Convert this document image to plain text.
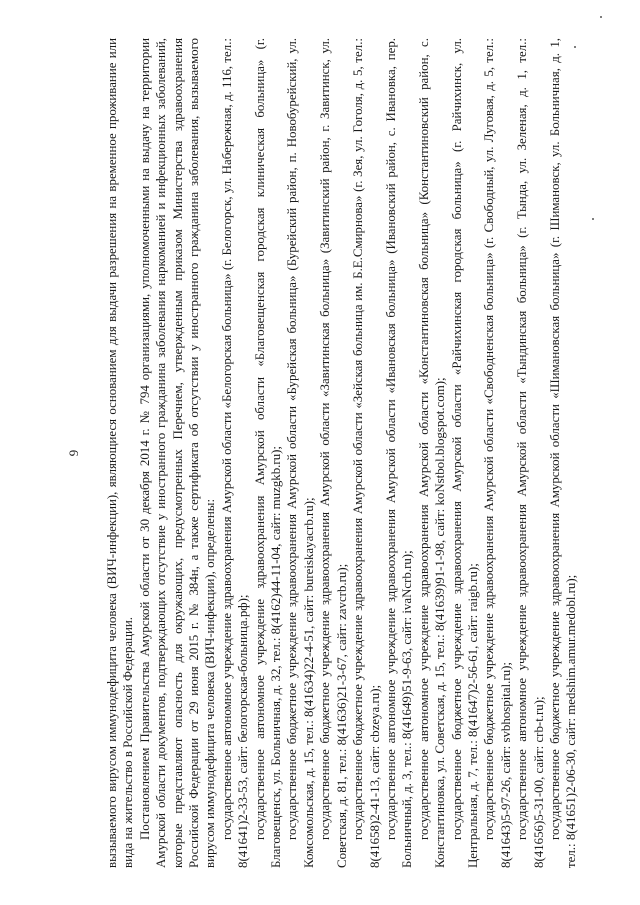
9 вызываемого вирусом иммунодефицита человека (ВИЧ-инфекции), являющиеся основанием для выдачи разрешения на временное проживание или вида на жительство в Российской Федерации. Постановлением Правительства Амурской области от 30 декабря 2014 г. № 794 организациями, уполномоченными на выдачу на территории Амурской области документов, подтверждающих отсутствие у иностранного гражданина заболевания наркоманией и инфекционных заболеваний, которые представляют опасность для окружающих, предусмотренных Перечнем, утвержденным приказом Министерства здравоохранения Российской Федерации от 29 июня 2015 г. № 384н, а также сертификата об отсутствии у иностранного гражданина заболевания, вызываемого вирусом иммунодефицита человека (ВИЧ-инфекции), определены: государственное автономное учреждение здравоохранения Амурской области «Белогорская больница» (г. Белогорск, ул. Набережная, д. 116, тел.: 8(41641)2-33-53, сайт: белогорская-больница.рф); государственное автономное учреждение здравоохранения Амурской области «Благовещенская городская клиническая больница» (г. Благовещенск, ул. Больничная, д. 32, тел.: 8(4162)44-11-04, сайт: muzgkb.ru); государственное бюджетное учреждение здравоохранения Амурской области «Бурейская больница» (Бурейский район, п. Новобурейский, ул. Комсомольская, д. 15, тел.: 8(41634)22-4-51, сайт: bureiskayacrb.ru); государственное бюджетное учреждение здравоохранения Амурской области «Завитинская больница» (Завитинский район, г. Завитинск, ул. Советская, д. 81, тел.: 8(41636)21-3-67, сайт: zavcrb.ru); государственное бюджетное учреждение здравоохранения Амурской области «Зейская больница им. Б.Е.Смирнова» (г. Зея, ул. Гоголя, д. 5, тел.: 8(41658)2-41-13, сайт: cbzeya.ru); государственное автономное учреждение здравоохранения Амурской области «Ивановская больница» (Ивановский район, с. Ивановка, пер. Больничный, д. 3, тел.: 8(41649)51-9-63, сайт: ivaNcrb.ru); государственное автономное учреждение здравоохранения Амурской области «Константиновская больница» (Константиновский район, с. Константиновка, ул. Советская, д. 15, тел.: 8(41639)91-1-98, сайт: koNstbol.blogspot.com); государственное бюджетное учреждение здравоохранения Амурской области «Райчихинская городская больница» (г. Райчихинск, ул. Центральная, д. 7, тел.: 8(41647)2-56-61, сайт: raigb.ru); государственное бюджетное учреждение здравоохранения Амурской области «Свободненская больница» (г. Свободный, ул. Луговая, д. 5, тел.: 8(41643)5-97-26, сайт: svbhospital.ru); государственное автономное учреждение здравоохранения Амурской области «Тындинская больница» (г. Тында, ул. Зеленая, д. 1, тел.: 8(41656)5-31-00, сайт: crb-t.ru); государственное бюджетное учреждение здравоохранения Амурской области «Шимановская больница» (г. Шимановск, ул. Больничная, д. 1, тел.: 8(41651)2-06-30, сайт: medshim.amur.medobl.ru);
